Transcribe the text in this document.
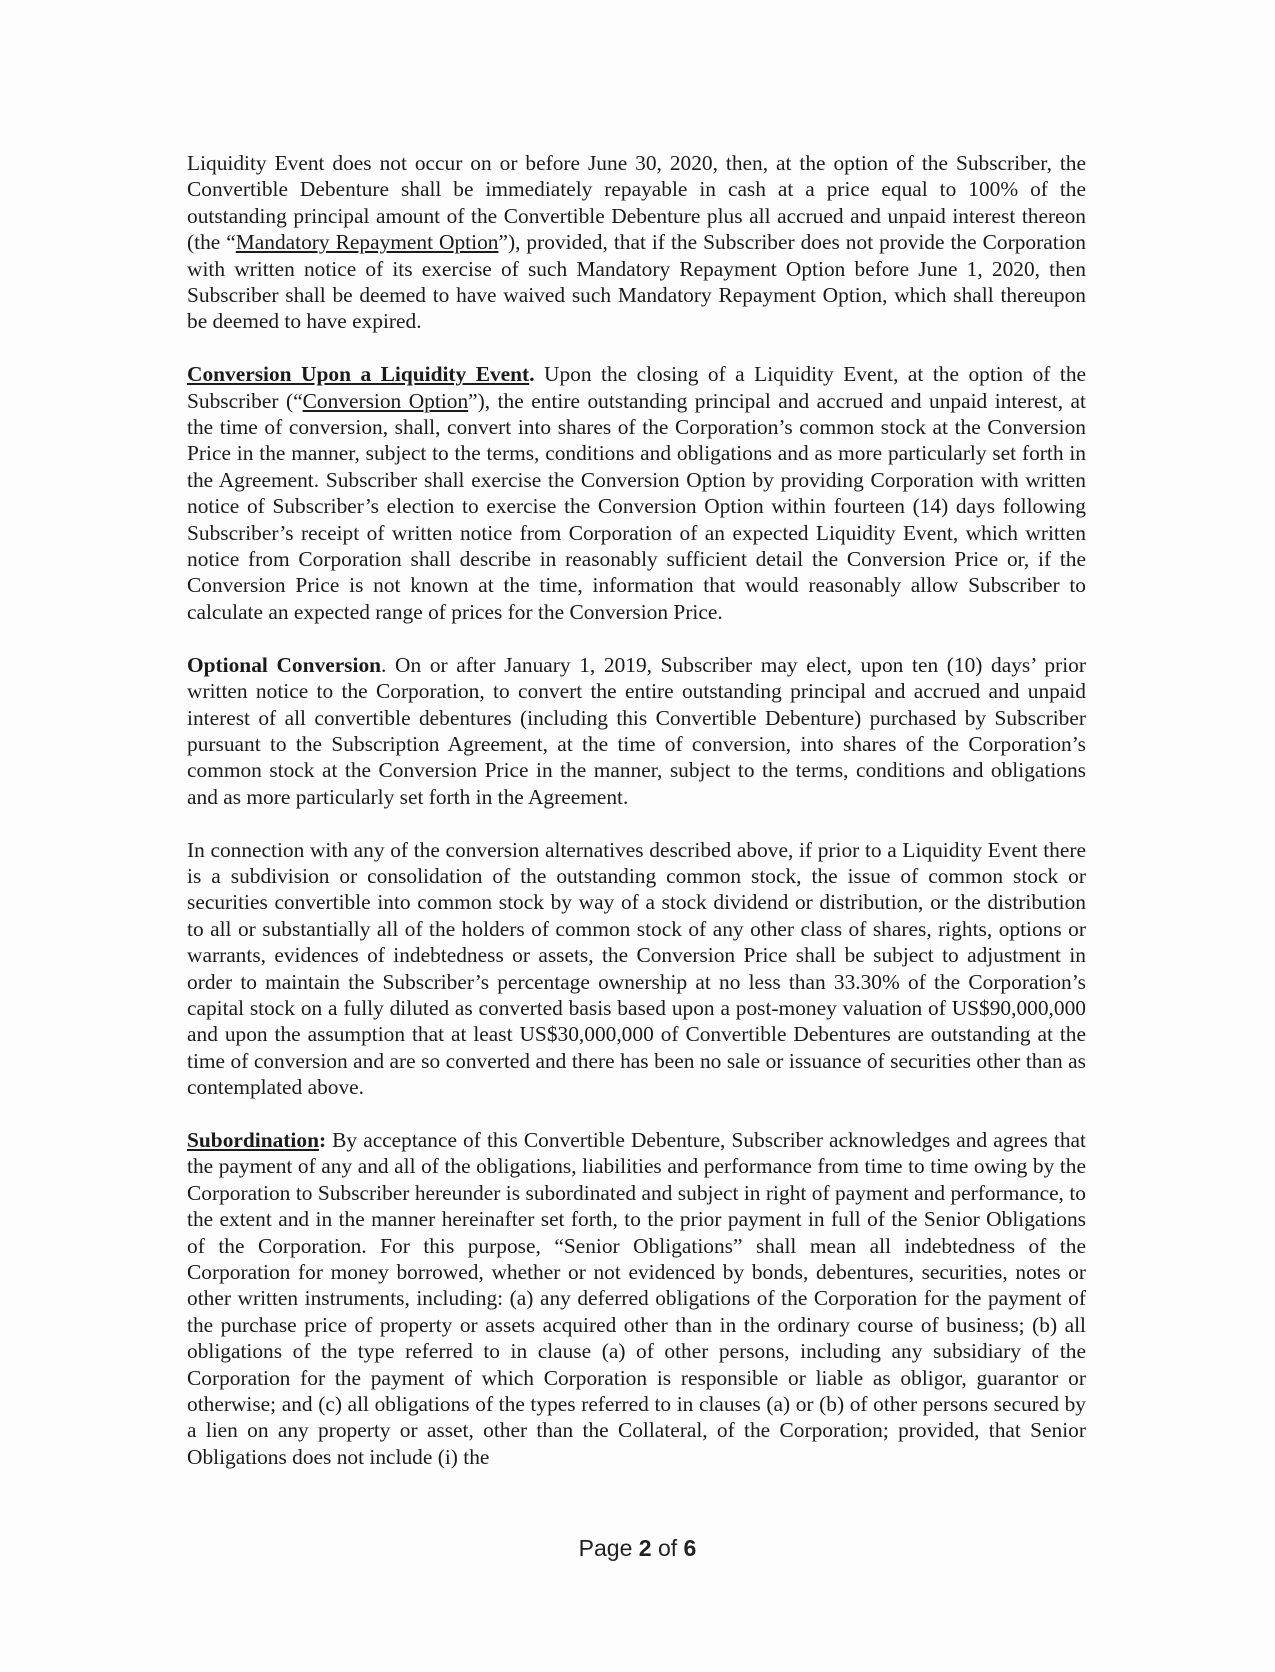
Liquidity Event does not occur on or before June 30, 2020, then, at the option of the Subscriber, the Convertible Debenture shall be immediately repayable in cash at a price equal to 100% of the outstanding principal amount of the Convertible Debenture plus all accrued and unpaid interest thereon (the “Mandatory Repayment Option”), provided, that if the Subscriber does not provide the Corporation with written notice of its exercise of such Mandatory Repayment Option before June 1, 2020, then Subscriber shall be deemed to have waived such Mandatory Repayment Option, which shall thereupon be deemed to have expired.

Conversion Upon a Liquidity Event. Upon the closing of a Liquidity Event, at the option of the Subscriber (“Conversion Option”), the entire outstanding principal and accrued and unpaid interest, at the time of conversion, shall, convert into shares of the Corporation’s common stock at the Conversion Price in the manner, subject to the terms, conditions and obligations and as more particularly set forth in the Agreement. Subscriber shall exercise the Conversion Option by providing Corporation with written notice of Subscriber’s election to exercise the Conversion Option within fourteen (14) days following Subscriber’s receipt of written notice from Corporation of an expected Liquidity Event, which written notice from Corporation shall describe in reasonably sufficient detail the Conversion Price or, if the Conversion Price is not known at the time, information that would reasonably allow Subscriber to calculate an expected range of prices for the Conversion Price.

Optional Conversion. On or after January 1, 2019, Subscriber may elect, upon ten (10) days’ prior written notice to the Corporation, to convert the entire outstanding principal and accrued and unpaid interest of all convertible debentures (including this Convertible Debenture) purchased by Subscriber pursuant to the Subscription Agreement, at the time of conversion, into shares of the Corporation’s common stock at the Conversion Price in the manner, subject to the terms, conditions and obligations and as more particularly set forth in the Agreement.

In connection with any of the conversion alternatives described above, if prior to a Liquidity Event there is a subdivision or consolidation of the outstanding common stock, the issue of common stock or securities convertible into common stock by way of a stock dividend or distribution, or the distribution to all or substantially all of the holders of common stock of any other class of shares, rights, options or warrants, evidences of indebtedness or assets, the Conversion Price shall be subject to adjustment in order to maintain the Subscriber’s percentage ownership at no less than 33.30% of the Corporation’s capital stock on a fully diluted as converted basis based upon a post-money valuation of US$90,000,000 and upon the assumption that at least US$30,000,000 of Convertible Debentures are outstanding at the time of conversion and are so converted and there has been no sale or issuance of securities other than as contemplated above.

Subordination: By acceptance of this Convertible Debenture, Subscriber acknowledges and agrees that the payment of any and all of the obligations, liabilities and performance from time to time owing by the Corporation to Subscriber hereunder is subordinated and subject in right of payment and performance, to the extent and in the manner hereinafter set forth, to the prior payment in full of the Senior Obligations of the Corporation. For this purpose, “Senior Obligations” shall mean all indebtedness of the Corporation for money borrowed, whether or not evidenced by bonds, debentures, securities, notes or other written instruments, including: (a) any deferred obligations of the Corporation for the payment of the purchase price of property or assets acquired other than in the ordinary course of business; (b) all obligations of the type referred to in clause (a) of other persons, including any subsidiary of the Corporation for the payment of which Corporation is responsible or liable as obligor, guarantor or otherwise; and (c) all obligations of the types referred to in clauses (a) or (b) of other persons secured by a lien on any property or asset, other than the Collateral, of the Corporation; provided, that Senior Obligations does not include (i) the

Page 2 of 6
